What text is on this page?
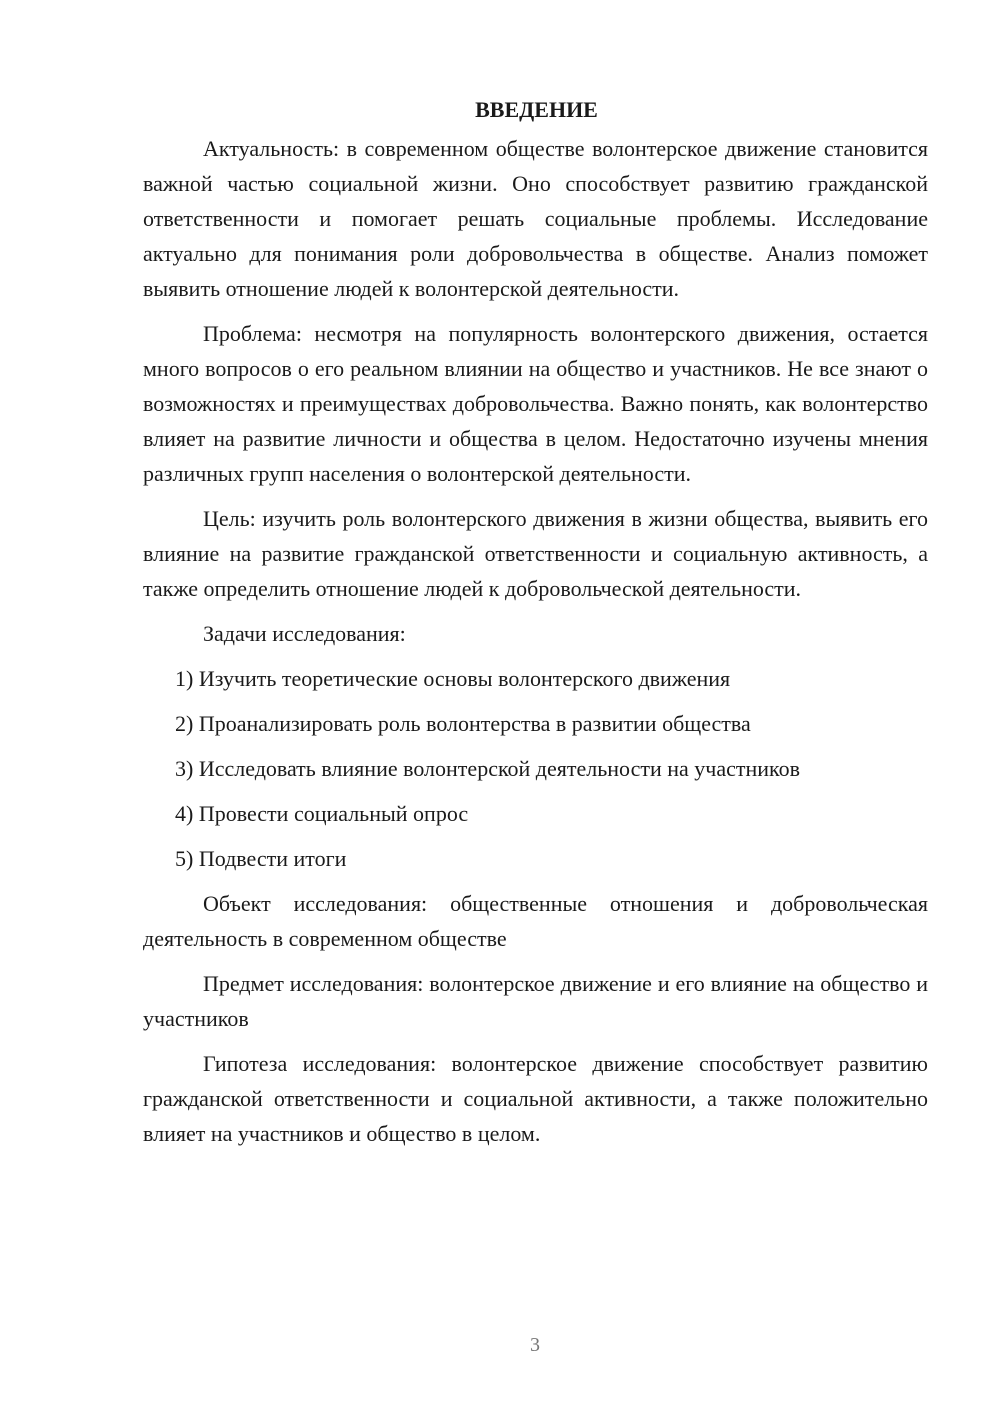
ВВЕДЕНИЕ

Актуальность: в современном обществе волонтерское движение становится важной частью социальной жизни. Оно способствует развитию гражданской ответственности и помогает решать социальные проблемы. Исследование актуально для понимания роли добровольчества в обществе. Анализ поможет выявить отношение людей к волонтерской деятельности.

Проблема: несмотря на популярность волонтерского движения, остается много вопросов о его реальном влиянии на общество и участников. Не все знают о возможностях и преимуществах добровольчества. Важно понять, как волонтерство влияет на развитие личности и общества в целом. Недостаточно изучены мнения различных групп населения о волонтерской деятельности.

Цель: изучить роль волонтерского движения в жизни общества, выявить его влияние на развитие гражданской ответственности и социальную активность, а также определить отношение людей к добровольческой деятельности.

Задачи исследования:

1) Изучить теоретические основы волонтерского движения
2) Проанализировать роль волонтерства в развитии общества
3) Исследовать влияние волонтерской деятельности на участников
4) Провести социальный опрос
5) Подвести итоги

Объект исследования: общественные отношения и добровольческая деятельность в современном обществе

Предмет исследования: волонтерское движение и его влияние на общество и участников

Гипотеза исследования: волонтерское движение способствует развитию гражданской ответственности и социальной активности, а также положительно влияет на участников и общество в целом.

3
